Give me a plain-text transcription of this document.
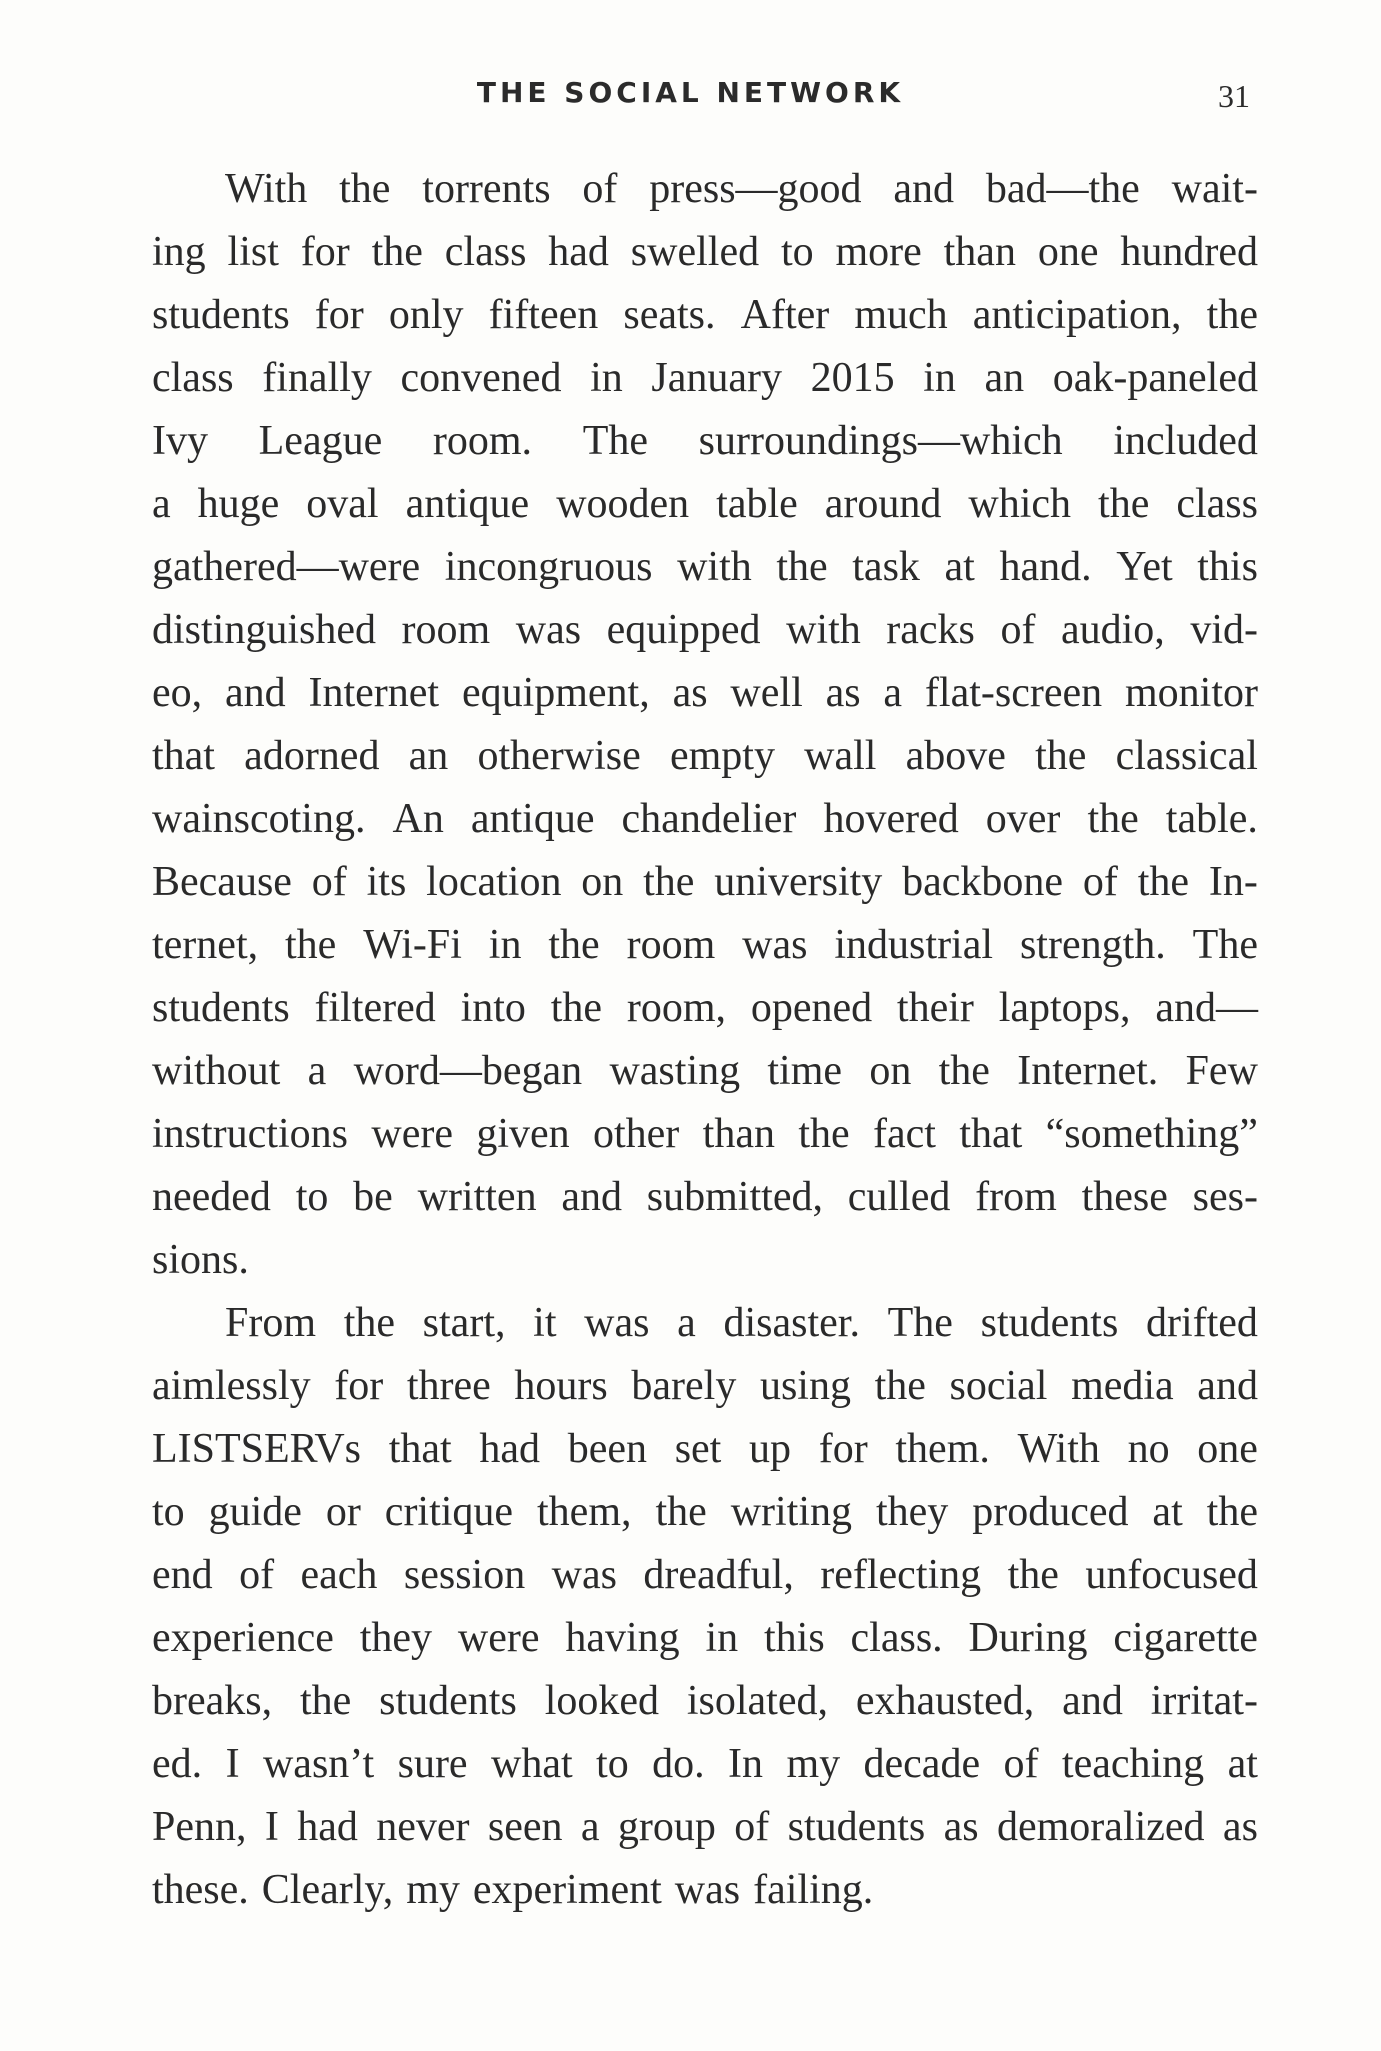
THE SOCIAL NETWORK	31
With the torrents of press—good and bad—the wait-
ing list for the class had swelled to more than one hundred
students for only fifteen seats. After much anticipation, the
class finally convened in January 2015 in an oak-paneled
Ivy League room. The surroundings—which included
a huge oval antique wooden table around which the class
gathered—were incongruous with the task at hand. Yet this
distinguished room was equipped with racks of audio, vid-
eo, and Internet equipment, as well as a flat-screen monitor
that adorned an otherwise empty wall above the classical
wainscoting. An antique chandelier hovered over the table.
Because of its location on the university backbone of the In-
ternet, the Wi-Fi in the room was industrial strength. The
students filtered into the room, opened their laptops, and—
without a word—began wasting time on the Internet. Few
instructions were given other than the fact that “something”
needed to be written and submitted, culled from these ses-
sions.
From the start, it was a disaster. The students drifted
aimlessly for three hours barely using the social media and
LISTSERVs that had been set up for them. With no one
to guide or critique them, the writing they produced at the
end of each session was dreadful, reflecting the unfocused
experience they were having in this class. During cigarette
breaks, the students looked isolated, exhausted, and irritat-
ed. I wasn’t sure what to do. In my decade of teaching at
Penn, I had never seen a group of students as demoralized as
these. Clearly, my experiment was failing.
